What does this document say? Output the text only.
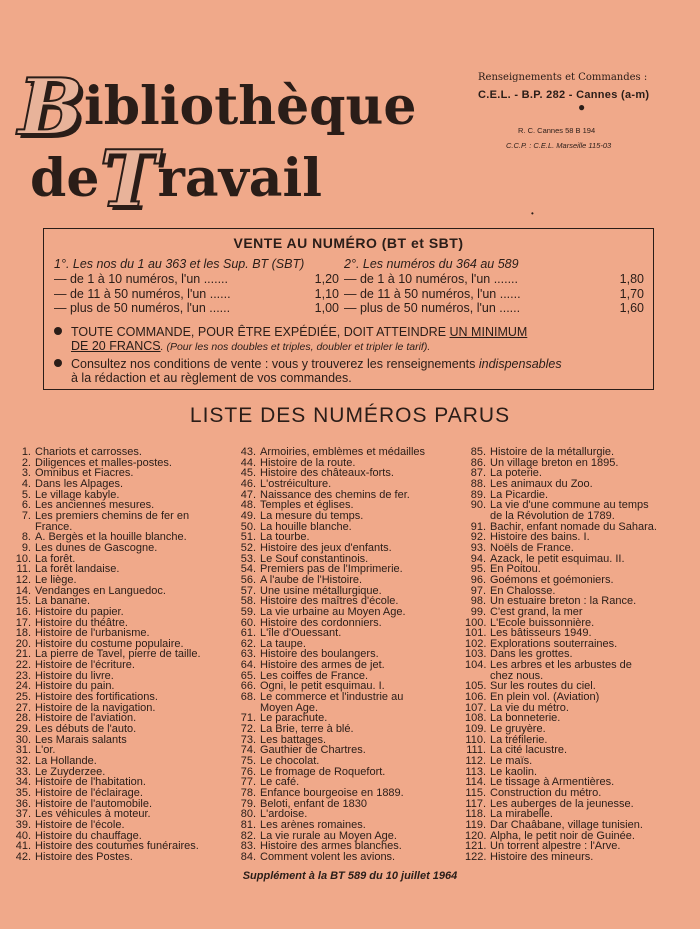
Bibliothèque
deTravail
Renseignements et Commandes :
C.E.L. - B.P. 282 - Cannes (a-m)
●
R. C. Cannes 58 B 194
C.C.P. : C.E.L. Marseille 115-03
•
VENTE AU NUMÉRO (BT et SBT)
1°. Les nos du 1 au 363 et les Sup. BT (SBT)
— de 1 à 10 numéros, l'un .......	1,20
— de 11 à 50 numéros, l'un ......	1,10
— plus de 50 numéros, l'un ......	1,00
2°. Les numéros du 364 au 589
— de 1 à 10 numéros, l'un .......	1,80
— de 11 à 50 numéros, l'un ......	1,70
— plus de 50 numéros, l'un ......	1,60
TOUTE COMMANDE, POUR ÊTRE EXPÉDIÉE, DOIT ATTEINDRE UN MINIMUM
DE 20 FRANCS. (Pour les nos doubles et triples, doubler et tripler le tarif).
Consultez nos conditions de vente : vous y trouverez les renseignements indispensables
à la rédaction et au règlement de vos commandes.
LISTE DES NUMÉROS PARUS
1. Chariots et carrosses.
2. Diligences et malles-postes.
3. Omnibus et Fiacres.
4. Dans les Alpages.
5. Le village kabyle.
6. Les anciennes mesures.
7. Les premiers chemins de fer en
France.
8. A. Bergès et la houille blanche.
9. Les dunes de Gascogne.
10. La forêt.
11. La forêt landaise.
12. Le liège.
14. Vendanges en Languedoc.
15. La banane.
16. Histoire du papier.
17. Histoire du théâtre.
18. Histoire de l'urbanisme.
20. Histoire du costume populaire.
21. La pierre de Tavel, pierre de taille.
22. Histoire de l'écriture.
23. Histoire du livre.
24. Histoire du pain.
25. Histoire des fortifications.
27. Histoire de la navigation.
28. Histoire de l'aviation.
29. Les débuts de l'auto.
30. Les Marais salants
31. L'or.
32. La Hollande.
33. Le Zuyderzee.
34. Histoire de l'habitation.
35. Histoire de l'éclairage.
36. Histoire de l'automobile.
37. Les véhicules à moteur.
39. Histoire de l'école.
40. Histoire du chauffage.
41. Histoire des coutumes funéraires.
42. Histoire des Postes.
43. Armoiries, emblèmes et médailles
44. Histoire de la route.
45. Histoire des châteaux-forts.
46. L'ostréiculture.
47. Naissance des chemins de fer.
48. Temples et églises.
49. La mesure du temps.
50. La houille blanche.
51. La tourbe.
52. Histoire des jeux d'enfants.
53. Le Souf constantinois.
54. Premiers pas de l'Imprimerie.
56. A l'aube de l'Histoire.
57. Une usine métallurgique.
58. Histoire des maîtres d'école.
59. La vie urbaine au Moyen Age.
60. Histoire des cordonniers.
61. L'île d'Ouessant.
62. La taupe.
63. Histoire des boulangers.
64. Histoire des armes de jet.
65. Les coiffes de France.
66. Ogni, le petit esquimau. I.
68. Le commerce et l'industrie au
Moyen Age.
71. Le parachute.
72. La Brie, terre à blé.
73. Les battages.
74. Gauthier de Chartres.
75. Le chocolat.
76. Le fromage de Roquefort.
77. Le café.
78. Enfance bourgeoise en 1889.
79. Beloti, enfant de 1830
80. L'ardoise.
81. Les arènes romaines.
82. La vie rurale au Moyen Age.
83. Histoire des armes blanches.
84. Comment volent les avions.
85. Histoire de la métallurgie.
86. Un village breton en 1895.
87. La poterie.
88. Les animaux du Zoo.
89. La Picardie.
90. La vie d'une commune au temps
de la Révolution de 1789.
91. Bachir, enfant nomade du Sahara.
92. Histoire des bains. I.
93. Noëls de France.
94. Azack, le petit esquimau. II.
95. En Poitou.
96. Goémons et goémoniers.
97. En Chalosse.
98. Un estuaire breton : la Rance.
99. C'est grand, la mer
100. L'Ecole buissonnière.
101. Les bâtisseurs 1949.
102. Explorations souterraines.
103. Dans les grottes.
104. Les arbres et les arbustes de
chez nous.
105. Sur les routes du ciel.
106. En plein vol. (Aviation)
107. La vie du métro.
108. La bonneterie.
109. Le gruyère.
110. La tréfilerie.
111. La cité lacustre.
112. Le maïs.
113. Le kaolin.
114. Le tissage à Armentières.
115. Construction du métro.
117. Les auberges de la jeunesse.
118. La mirabelle.
119. Dar Chaâbane, village tunisien.
120. Alpha, le petit noir de Guinée.
121. Un torrent alpestre : l'Arve.
122. Histoire des mineurs.
Supplément à la BT 589 du 10 juillet 1964
